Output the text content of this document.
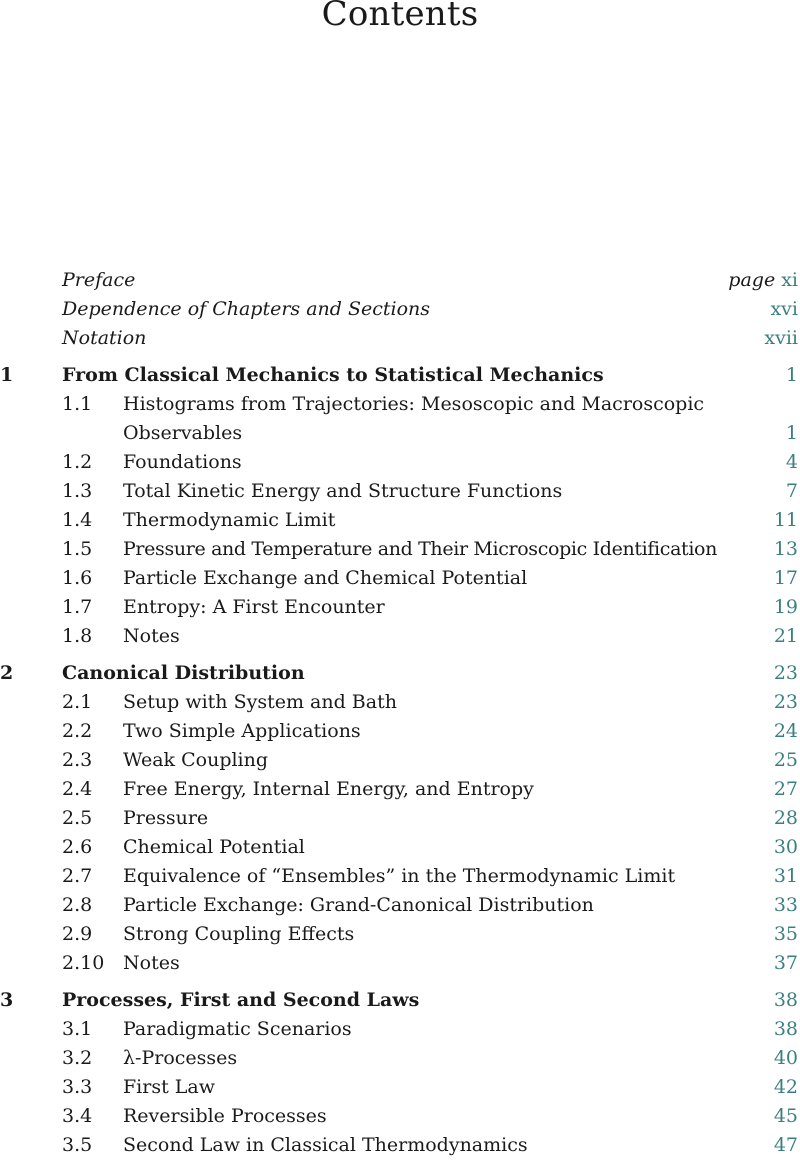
Contents
Preface	page xi
Dependence of Chapters and Sections	xvi
Notation	xvii
1	From Classical Mechanics to Statistical Mechanics	1
1.1 Histograms from Trajectories: Mesoscopic and Macroscopic Observables	1
1.2 Foundations	4
1.3 Total Kinetic Energy and Structure Functions	7
1.4 Thermodynamic Limit	11
1.5 Pressure and Temperature and Their Microscopic Identification	13
1.6 Particle Exchange and Chemical Potential	17
1.7 Entropy: A First Encounter	19
1.8 Notes	21
2	Canonical Distribution	23
2.1 Setup with System and Bath	23
2.2 Two Simple Applications	24
2.3 Weak Coupling	25
2.4 Free Energy, Internal Energy, and Entropy	27
2.5 Pressure	28
2.6 Chemical Potential	30
2.7 Equivalence of “Ensembles” in the Thermodynamic Limit	31
2.8 Particle Exchange: Grand-Canonical Distribution	33
2.9 Strong Coupling Effects	35
2.10 Notes	37
3	Processes, First and Second Laws	38
3.1 Paradigmatic Scenarios	38
3.2 λ-Processes	40
3.3 First Law	42
3.4 Reversible Processes	45
3.5 Second Law in Classical Thermodynamics	47
